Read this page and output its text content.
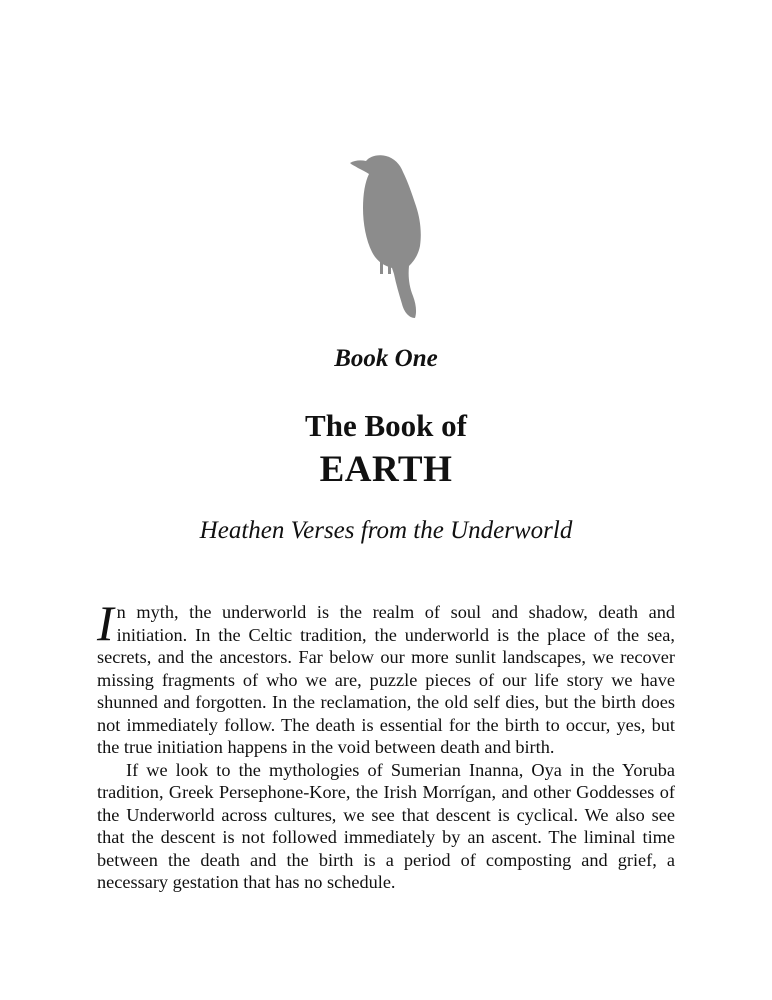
Book One
The Book of
EARTH
Heathen Verses from the Underworld

In myth, the underworld is the realm of soul and shadow, death and initiation. In the Celtic tradition, the underworld is the place of the sea, secrets, and the ancestors. Far below our more sunlit landscapes, we recover missing fragments of who we are, puzzle pieces of our life story we have shunned and forgotten. In the reclamation, the old self dies, but the birth does not immediately follow. The death is essential for the birth to occur, yes, but the true initiation happens in the void between death and birth.

If we look to the mythologies of Sumerian Inanna, Oya in the Yoruba tradition, Greek Persephone-Kore, the Irish Morrígan, and other Goddesses of the Underworld across cultures, we see that descent is cyclical. We also see that the descent is not followed immediately by an ascent. The liminal time between the death and the birth is a period of composting and grief, a necessary gestation that has no schedule.
